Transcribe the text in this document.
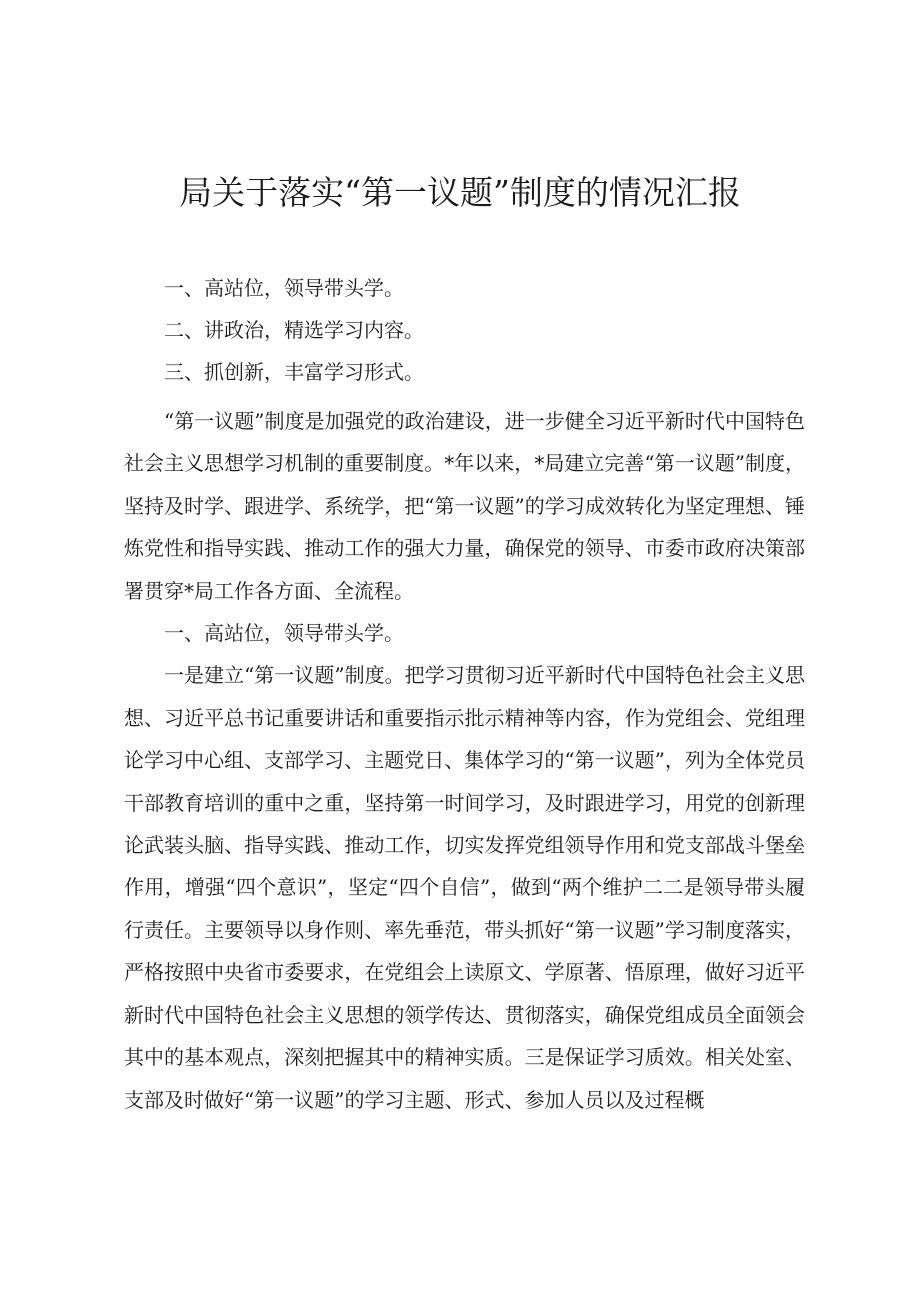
局关于落实“第一议题”制度的情况汇报
一、高站位，领导带头学。
二、讲政治，精选学习内容。
三、抓创新，丰富学习形式。

“第一议题”制度是加强党的政治建设，进一步健全习近平新时代中国特色社会主义思想学习机制的重要制度。*年以来，*局建立完善“第一议题”制度，坚持及时学、跟进学、系统学，把“第一议题”的学习成效转化为坚定理想、锤炼党性和指导实践、推动工作的强大力量，确保党的领导、市委市政府决策部署贯穿*局工作各方面、全流程。

一、高站位，领导带头学。

一是建立“第一议题”制度。把学习贯彻习近平新时代中国特色社会主义思想、习近平总书记重要讲话和重要指示批示精神等内容，作为党组会、党组理论学习中心组、支部学习、主题党日、集体学习的“第一议题”，列为全体党员干部教育培训的重中之重，坚持第一时间学习，及时跟进学习，用党的创新理论武装头脑、指导实践、推动工作，切实发挥党组领导作用和党支部战斗堡垒作用，增强“四个意识”，坚定“四个自信”，做到“两个维护二二是领导带头履行责任。主要领导以身作则、率先垂范，带头抓好“第一议题”学习制度落实，严格按照中央省市委要求，在党组会上读原文、学原著、悟原理，做好习近平新时代中国特色社会主义思想的领学传达、贯彻落实，确保党组成员全面领会其中的基本观点，深刻把握其中的精神实质。三是保证学习质效。相关处室、支部及时做好“第一议题”的学习主题、形式、参加人员以及过程概
